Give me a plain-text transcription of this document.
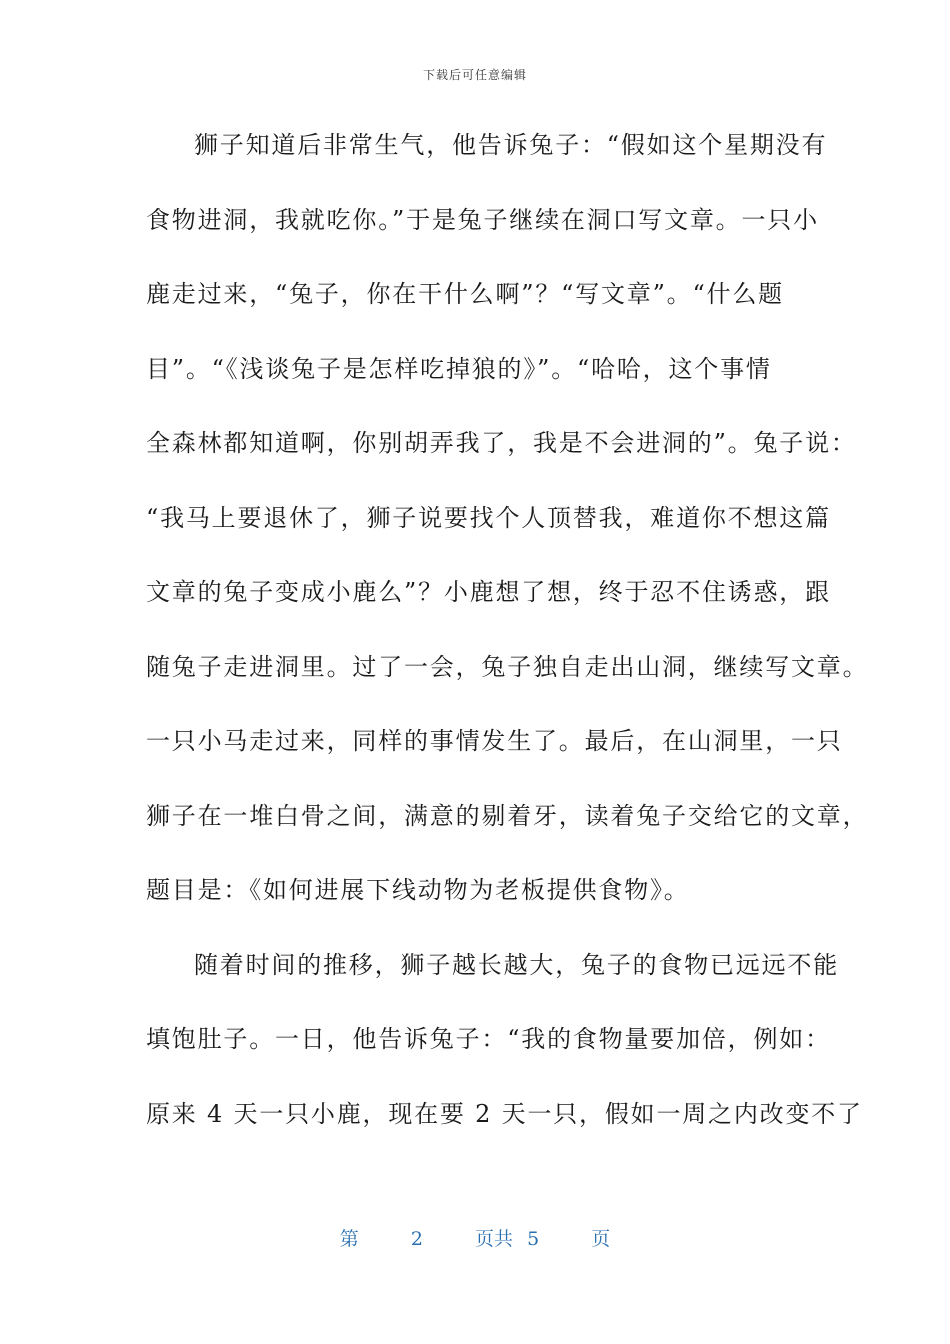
下载后可任意编辑
狮子知道后非常生气，他告诉兔子：“假如这个星期没有
食物进洞，我就吃你。”于是兔子继续在洞口写文章。一只小
鹿走过来，“兔子，你在干什么啊”？“写文章”。“什么题
目”。“《浅谈兔子是怎样吃掉狼的》”。“哈哈，这个事情
全森林都知道啊，你别胡弄我了，我是不会进洞的”。兔子说：
“我马上要退休了，狮子说要找个人顶替我，难道你不想这篇
文章的兔子变成小鹿么”？小鹿想了想，终于忍不住诱惑，跟
随兔子走进洞里。过了一会，兔子独自走出山洞，继续写文章。
一只小马走过来，同样的事情发生了。最后，在山洞里，一只
狮子在一堆白骨之间，满意的剔着牙，读着兔子交给它的文章，
题目是：《如何进展下线动物为老板提供食物》。
随着时间的推移，狮子越长越大，兔子的食物已远远不能
填饱肚子。一日，他告诉兔子：“我的食物量要加倍，例如：
原来 4 天一只小鹿，现在要 2 天一只，假如一周之内改变不了
第	2	页共 5	页
